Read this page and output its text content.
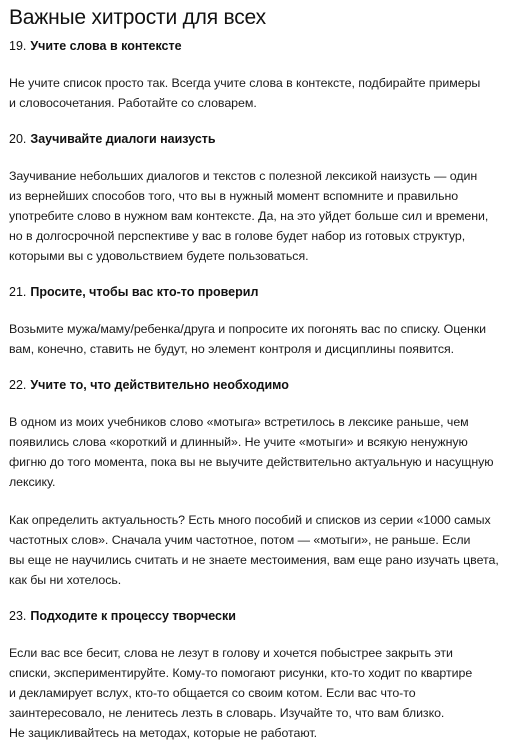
Важные хитрости для всех
19. Учите слова в контексте
Не учите список просто так. Всегда учите слова в контексте, подбирайте примеры
и словосочетания. Работайте со словарем.
20. Заучивайте диалоги наизусть
Заучивание небольших диалогов и текстов с полезной лексикой наизусть — один
из вернейших способов того, что вы в нужный момент вспомните и правильно
употребите слово в нужном вам контексте. Да, на это уйдет больше сил и времени,
но в долгосрочной перспективе у вас в голове будет набор из готовых структур,
которыми вы с удовольствием будете пользоваться.
21. Просите, чтобы вас кто-то проверил
Возьмите мужа/маму/ребенка/друга и попросите их погонять вас по списку. Оценки
вам, конечно, ставить не будут, но элемент контроля и дисциплины появится.
22. Учите то, что действительно необходимо
В одном из моих учебников слово «мотыга» встретилось в лексике раньше, чем
появились слова «короткий и длинный». Не учите «мотыги» и всякую ненужную
фигню до того момента, пока вы не выучите действительно актуальную и насущную
лексику.
Как определить актуальность? Есть много пособий и списков из серии «1000 самых
частотных слов». Сначала учим частотное, потом — «мотыги», не раньше. Если
вы еще не научились считать и не знаете местоимения, вам еще рано изучать цвета,
как бы ни хотелось.
23. Подходите к процессу творчески
Если вас все бесит, слова не лезут в голову и хочется побыстрее закрыть эти
списки, экспериментируйте. Кому-то помогают рисунки, кто-то ходит по квартире
и декламирует вслух, кто-то общается со своим котом. Если вас что-то
заинтересовало, не ленитесь лезть в словарь. Изучайте то, что вам близко.
Не зацикливайтесь на методах, которые не работают.
